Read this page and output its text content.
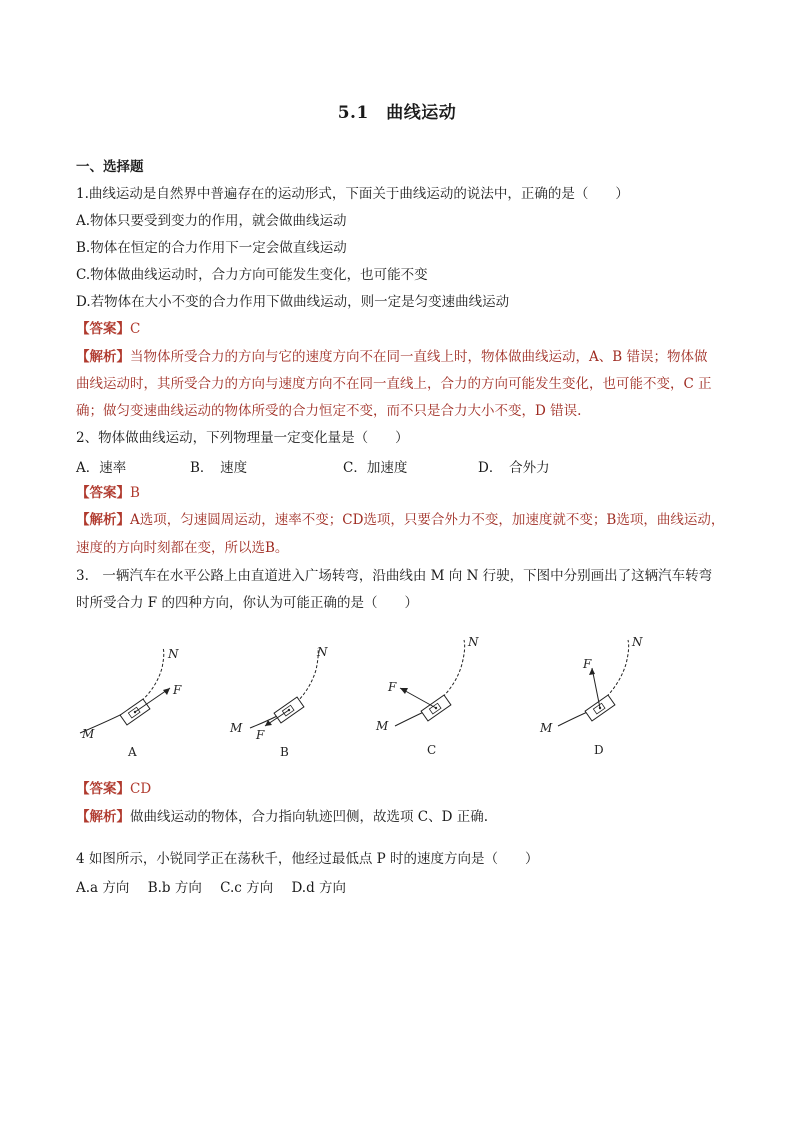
5.1　曲线运动
一、选择题
1.曲线运动是自然界中普遍存在的运动形式，下面关于曲线运动的说法中，正确的是（　　）
A.物体只要受到变力的作用，就会做曲线运动
B.物体在恒定的合力作用下一定会做直线运动
C.物体做曲线运动时，合力方向可能发生变化，也可能不变
D.若物体在大小不变的合力作用下做曲线运动，则一定是匀变速曲线运动
【答案】C
【解析】当物体所受合力的方向与它的速度方向不在同一直线上时，物体做曲线运动，A、B 错误；物体做
曲线运动时，其所受合力的方向与速度方向不在同一直线上，合力的方向可能发生变化，也可能不变，C 正
确；做匀变速曲线运动的物体所受的合力恒定不变，而不只是合力大小不变，D 错误.
2、物体做曲线运动，下列物理量一定变化量是（　　）
A．速率	B．　速度	C．加速度	D．　合外力
【答案】B
【解析】A选项，匀速圆周运动，速率不变；CD选项，只要合外力不变，加速度就不变；B选项，曲线运动，
速度的方向时刻都在变，所以选B。
3.　一辆汽车在水平公路上由直道进入广场转弯，沿曲线由 M 向 N 行驶，下图中分别画出了这辆汽车转弯
时所受合力 F 的四种方向，你认为可能正确的是（　　）
M
N
F
A
M
N
F
B
M
N
F
C
M
N
F
D
【答案】CD
【解析】做曲线运动的物体，合力指向轨迹凹侧，故选项 C、D 正确.
4 如图所示，小锐同学正在荡秋千，他经过最低点 P 时的速度方向是（　　）
A.a 方向 B.b 方向 C.c 方向 D.d 方向
